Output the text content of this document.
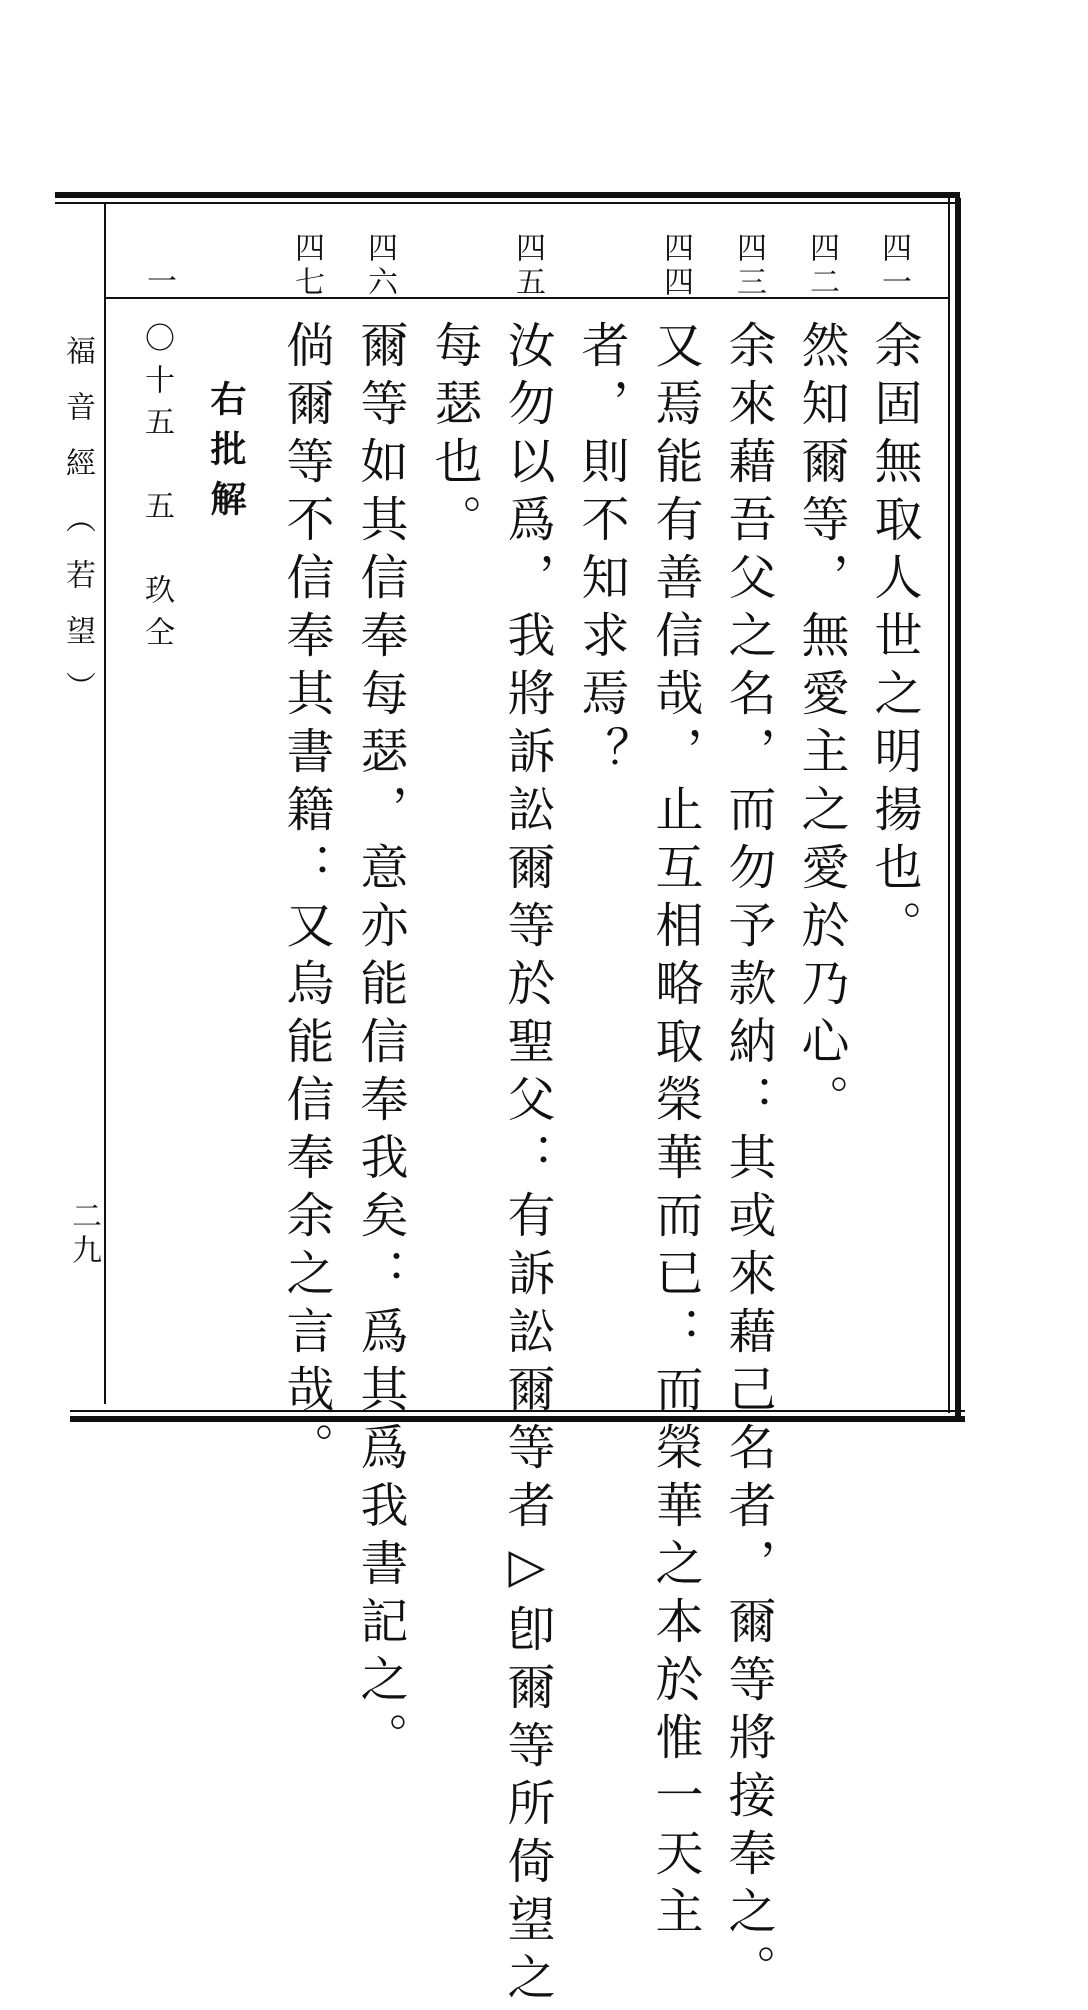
福音經（若望）
二九
四一
四二
四三
四四
四五
四六
四七
一
余固無取人世之明揚也。
然知爾等，無愛主之愛於乃心。
余來藉吾父之名，而勿予款納：其或來藉己名者，爾等將接奉之。
又焉能有善信哉，止互相略取榮華而已：而榮華之本於惟一天主
者，則不知求焉？
汝勿以爲，我將訴訟爾等於聖父：有訴訟爾等者▷卽爾等所倚望之
每瑟也。
爾等如其信奉每瑟，意亦能信奉我矣：爲其爲我書記之。
倘爾等不信奉其書籍：又烏能信奉余之言哉。
右批解
〇十五　五　玖仝
